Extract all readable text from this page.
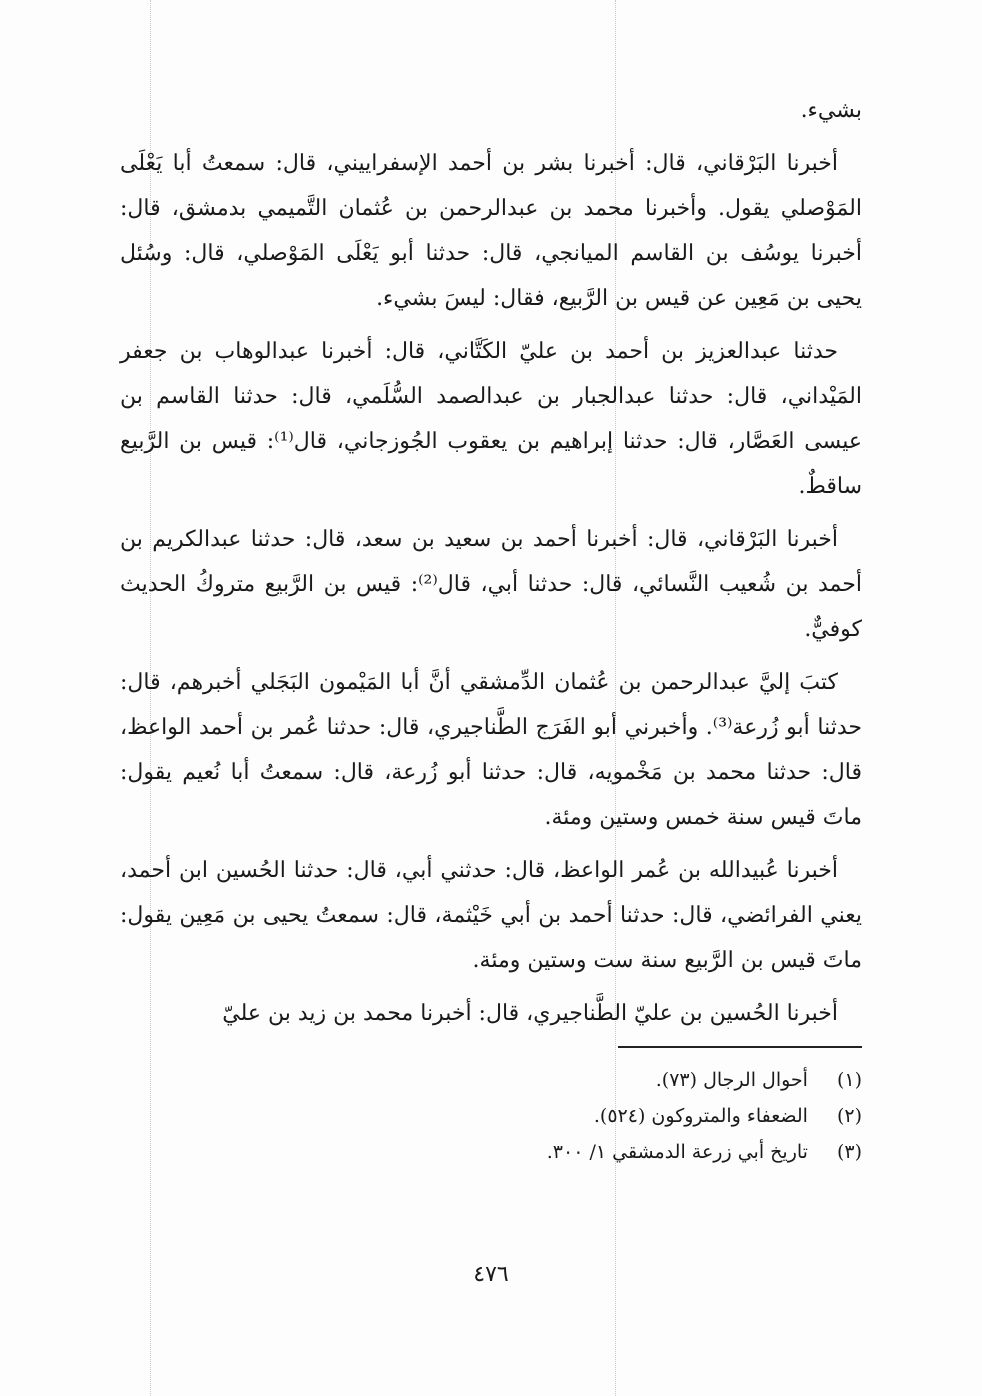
بشيء.

أخبرنا البَرْقاني، قال: أخبرنا بشر بن أحمد الإسفراييني، قال: سمعتُ أبا يَعْلَى المَوْصلي يقول. وأخبرنا محمد بن عبدالرحمن بن عُثمان التَّميمي بدمشق، قال: أخبرنا يوسُف بن القاسم الميانجي، قال: حدثنا أبو يَعْلَى المَوْصلي، قال: وسُئل يحيى بن مَعِين عن قيس بن الرَّبيع، فقال: ليسَ بشيء.

حدثنا عبدالعزيز بن أحمد بن عليّ الكَتَّاني، قال: أخبرنا عبدالوهاب بن جعفر المَيْداني، قال: حدثنا عبدالجبار بن عبدالصمد السُّلَمي، قال: حدثنا القاسم بن عيسى العَصَّار، قال: حدثنا إبراهيم بن يعقوب الجُوزجاني، قال⁽¹⁾: قيس بن الرَّبيع ساقطٌ.

أخبرنا البَرْقاني، قال: أخبرنا أحمد بن سعيد بن سعد، قال: حدثنا عبدالكريم بن أحمد بن شُعيب النَّسائي، قال: حدثنا أبي، قال⁽²⁾: قيس بن الرَّبيع متروكُ الحديث كوفيٌّ.

كتبَ إليَّ عبدالرحمن بن عُثمان الدِّمشقي أنَّ أبا المَيْمون البَجَلي أخبرهم، قال: حدثنا أبو زُرعة⁽³⁾. وأخبرني أبو الفَرَج الطَّناجيري، قال: حدثنا عُمر بن أحمد الواعظ، قال: حدثنا محمد بن مَخْمويه، قال: حدثنا أبو زُرعة، قال: سمعتُ أبا نُعيم يقول: ماتَ قيس سنة خمس وستين ومئة.

أخبرنا عُبيدالله بن عُمر الواعظ، قال: حدثني أبي، قال: حدثنا الحُسين ابن أحمد، يعني الفرائضي، قال: حدثنا أحمد بن أبي خَيْثمة، قال: سمعتُ يحيى بن مَعِين يقول: ماتَ قيس بن الرَّبيع سنة ست وستين ومئة.

أخبرنا الحُسين بن عليّ الطَّناجيري، قال: أخبرنا محمد بن زيد بن عليّ

(١) أحوال الرجال (٧٣).
(٢) الضعفاء والمتروكون (٥٢٤).
(٣) تاريخ أبي زرعة الدمشقي ١/ ٣٠٠.
٤٧٦
